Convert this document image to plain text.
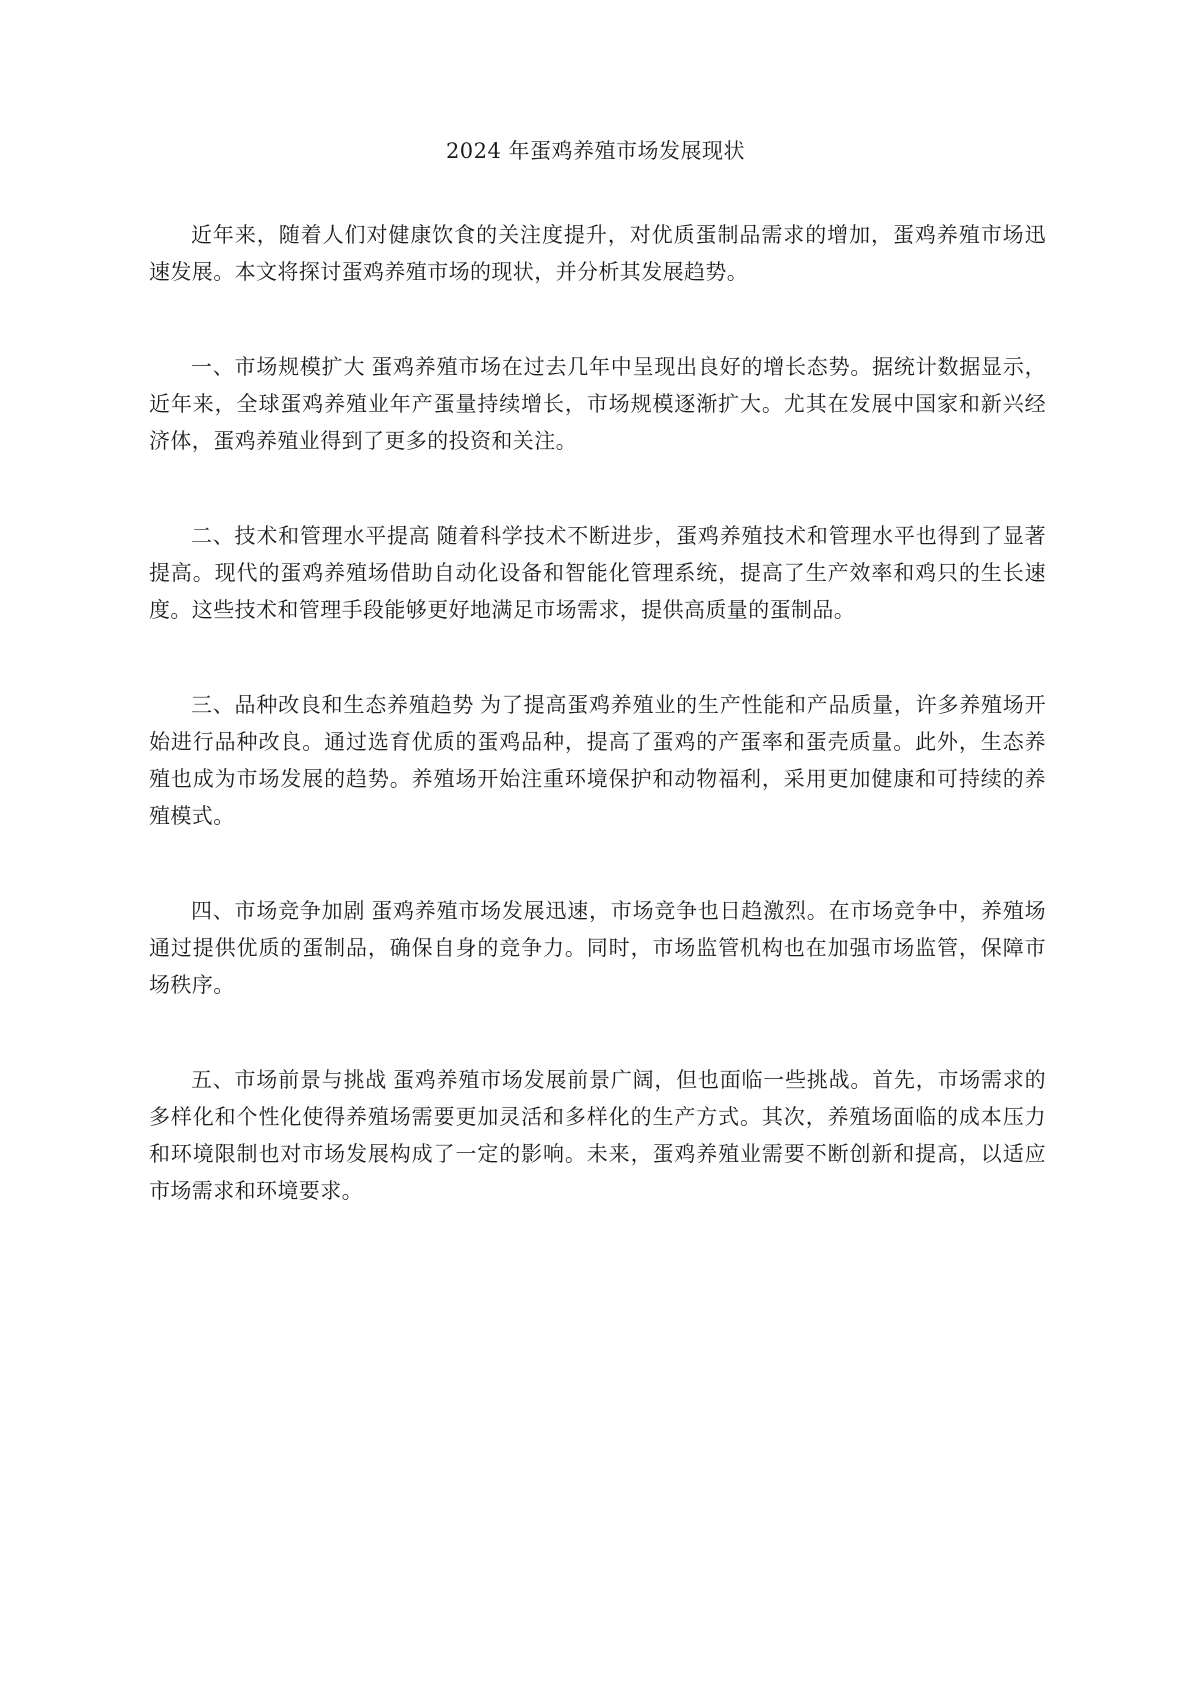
2024 年蛋鸡养殖市场发展现状

近年来，随着人们对健康饮食的关注度提升，对优质蛋制品需求的增加，蛋鸡养殖市场迅速发展。本文将探讨蛋鸡养殖市场的现状，并分析其发展趋势。

一、市场规模扩大 蛋鸡养殖市场在过去几年中呈现出良好的增长态势。据统计数据显示，近年来，全球蛋鸡养殖业年产蛋量持续增长，市场规模逐渐扩大。尤其在发展中国家和新兴经济体，蛋鸡养殖业得到了更多的投资和关注。

二、技术和管理水平提高 随着科学技术不断进步，蛋鸡养殖技术和管理水平也得到了显著提高。现代的蛋鸡养殖场借助自动化设备和智能化管理系统，提高了生产效率和鸡只的生长速度。这些技术和管理手段能够更好地满足市场需求，提供高质量的蛋制品。

三、品种改良和生态养殖趋势 为了提高蛋鸡养殖业的生产性能和产品质量，许多养殖场开始进行品种改良。通过选育优质的蛋鸡品种，提高了蛋鸡的产蛋率和蛋壳质量。此外，生态养殖也成为市场发展的趋势。养殖场开始注重环境保护和动物福利，采用更加健康和可持续的养殖模式。

四、市场竞争加剧 蛋鸡养殖市场发展迅速，市场竞争也日趋激烈。在市场竞争中，养殖场通过提供优质的蛋制品，确保自身的竞争力。同时，市场监管机构也在加强市场监管，保障市场秩序。

五、市场前景与挑战 蛋鸡养殖市场发展前景广阔，但也面临一些挑战。首先，市场需求的多样化和个性化使得养殖场需要更加灵活和多样化的生产方式。其次，养殖场面临的成本压力和环境限制也对市场发展构成了一定的影响。未来，蛋鸡养殖业需要不断创新和提高，以适应市场需求和环境要求。
